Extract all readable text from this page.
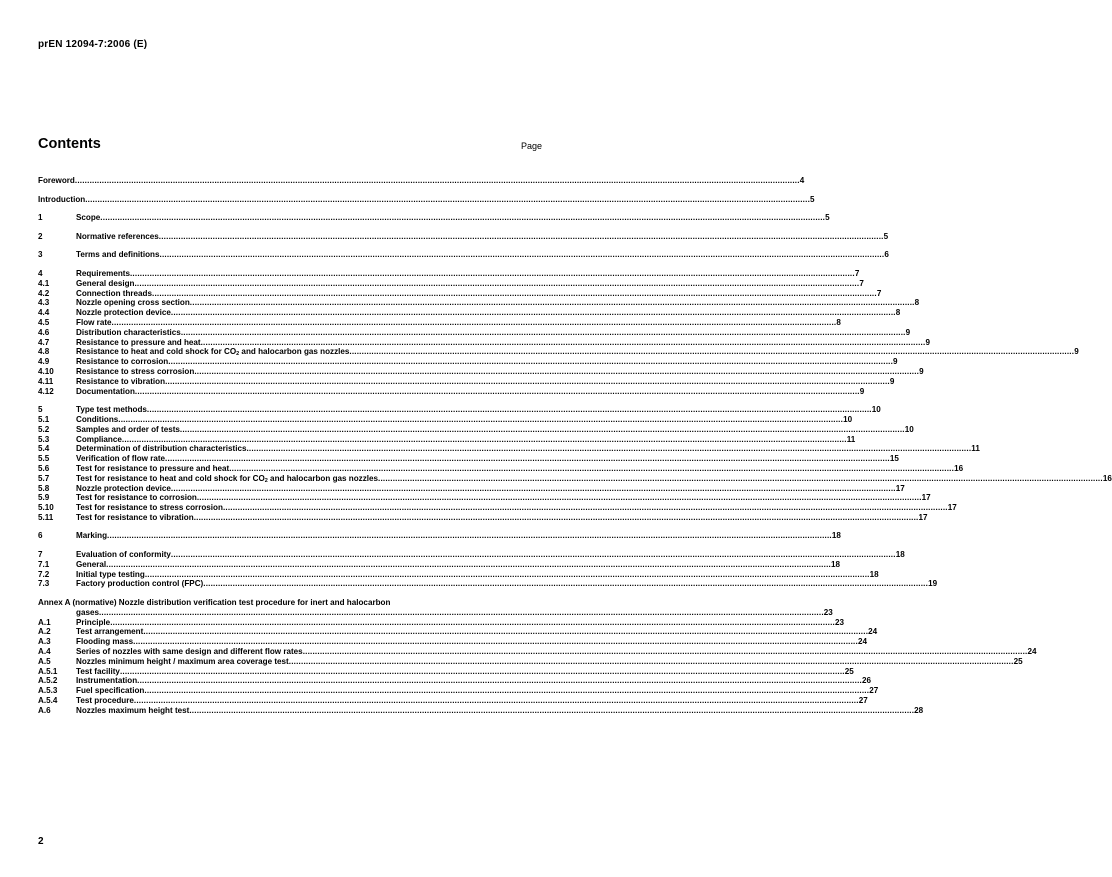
prEN 12094-7:2006 (E)
Contents	Page
Foreword .....	4
Introduction .....	5
1	Scope .....	5
2	Normative references .....	5
3	Terms and definitions .....	6
4	Requirements .....	7
4.1	General design .....	7
4.2	Connection threads .....	7
4.3	Nozzle opening cross section .....	8
4.4	Nozzle protection device .....	8
4.5	Flow rate .....	8
4.6	Distribution characteristics .....	9
4.7	Resistance to pressure and heat .....	9
4.8	Resistance to heat and cold shock for $CO_2$ and halocarbon gas nozzles .....	9
4.9	Resistance to corrosion .....	9
4.10	Resistance to stress corrosion .....	9
4.11	Resistance to vibration .....	9
4.12	Documentation .....	9
5	Type test methods .....	10
5.1	Conditions .....	10
5.2	Samples and order of tests .....	10
5.3	Compliance .....	11
5.4	Determination of distribution characteristics .....	11
5.5	Verification of flow rate .....	15
5.6	Test for resistance to pressure and heat .....	16
5.7	Test for resistance to heat and cold shock for $CO_2$ and halocarbon gas nozzles .....	16
5.8	Nozzle protection device .....	17
5.9	Test for resistance to corrosion .....	17
5.10	Test for resistance to stress corrosion .....	17
5.11	Test for resistance to vibration .....	17
6	Marking .....	18
7	Evaluation of conformity .....	18
7.1	General .....	18
7.2	Initial type testing .....	18
7.3	Factory production control (FPC) .....	19
Annex A (normative) Nozzle distribution verification test procedure for inert and halocarbon
gases .....	23
A.1	Principle .....	23
A.2	Test arrangement .....	24
A.3	Flooding mass .....	24
A.4	Series of nozzles with same design and different flow rates .....	24
A.5	Nozzles minimum height / maximum area coverage test .....	25
A.5.1	Test facility .....	25
A.5.2	Instrumentation .....	26
A.5.3	Fuel specification .....	27
A.5.4	Test procedure .....	27
A.6	Nozzles maximum height test .....	28
2
